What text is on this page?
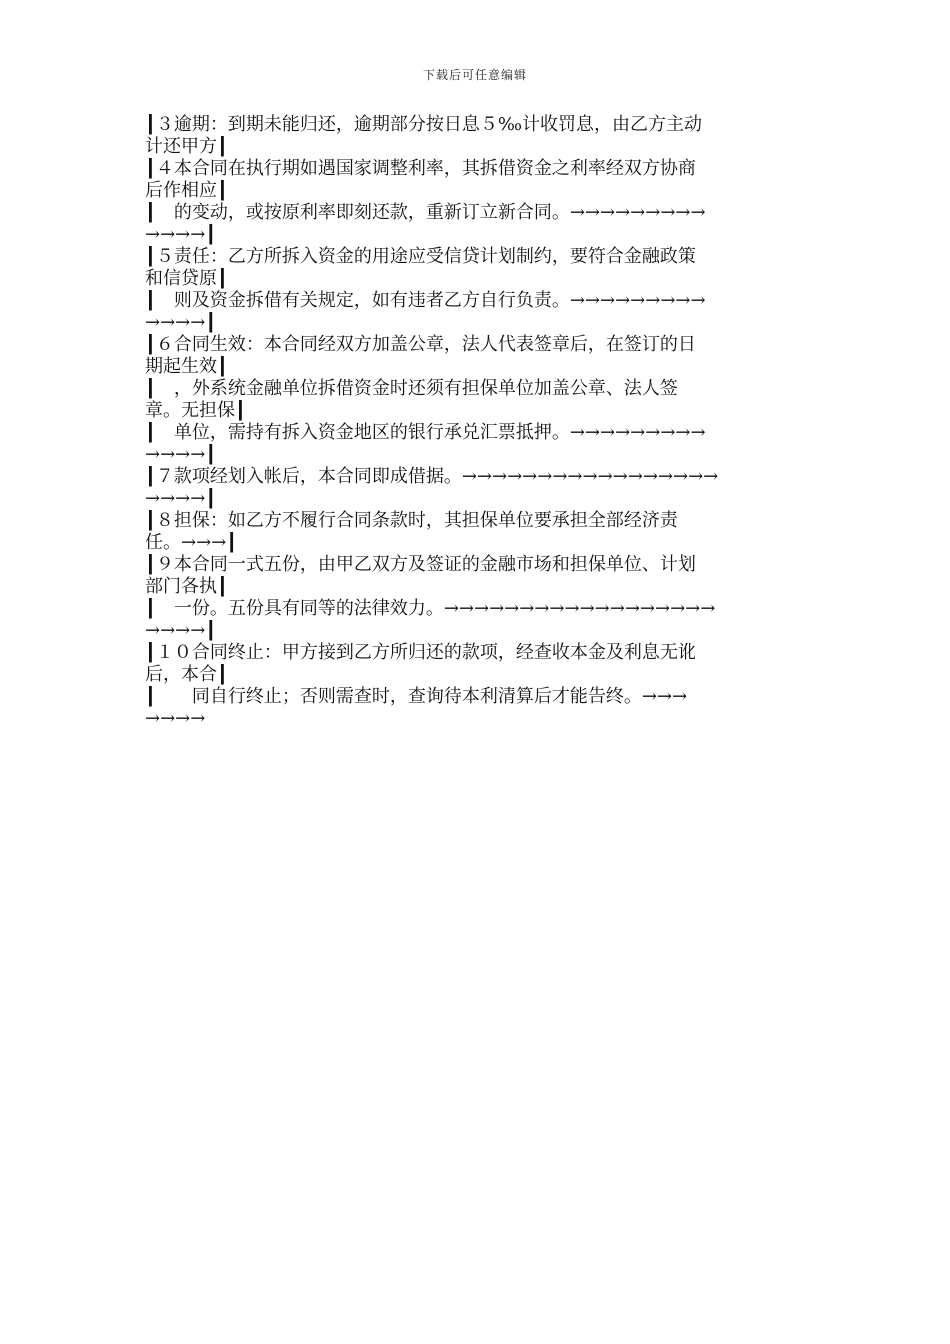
下载后可任意编辑
┃３逾期：到期未能归还，逾期部分按日息５‰计收罚息，由乙方主动
计还甲方┃
┃４本合同在执行期如遇国家调整利率，其拆借资金之利率经双方协商
后作相应┃
┃　的变动，或按原利率即刻还款，重新订立新合同。→→→→→→→→→
→→→→┃
┃５责任：乙方所拆入资金的用途应受信贷计划制约，要符合金融政策
和信贷原┃
┃　则及资金拆借有关规定，如有违者乙方自行负责。→→→→→→→→→
→→→→┃
┃６合同生效：本合同经双方加盖公章，法人代表签章后，在签订的日
期起生效┃
┃　，外系统金融单位拆借资金时还须有担保单位加盖公章、法人签
章。无担保┃
┃　单位，需持有拆入资金地区的银行承兑汇票抵押。→→→→→→→→→
→→→→┃
┃７款项经划入帐后，本合同即成借据。→→→→→→→→→→→→→→→→→
→→→→┃
┃８担保：如乙方不履行合同条款时，其担保单位要承担全部经济责
任。→→→┃
┃９本合同一式五份，由甲乙双方及签证的金融市场和担保单位、计划
部门各执┃
┃　一份。五份具有同等的法律效力。→→→→→→→→→→→→→→→→→→
→→→→┃
┃１０合同终止：甲方接到乙方所归还的款项，经查收本金及利息无讹
后，本合┃
┃　　同自行终止；否则需查时，查询待本利清算后才能告终。→→→
→→→→
